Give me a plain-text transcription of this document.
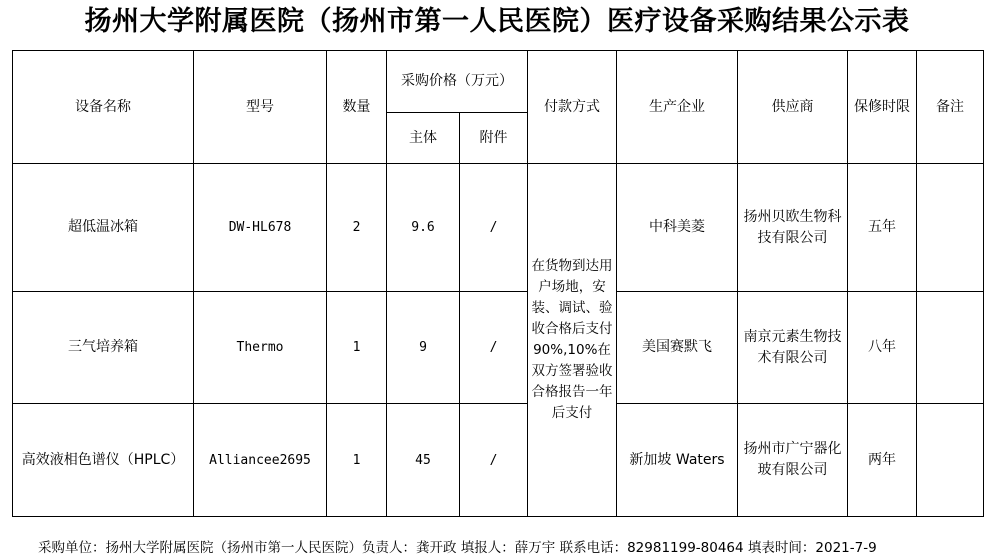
扬州大学附属医院（扬州市第一人民医院）医疗设备采购结果公示表
设备名称	型号	数量	采购价格（万元）		付款方式	生产企业	供应商	保修时限	备注
			主体	附件					
超低温冰箱	DW-HL678	2	9.6	/	在货物到达用户场地，安装、调试、验收合格后支付90%,10%在双方签署验收合格报告一年后支付	中科美菱	扬州贝欧生物科技有限公司	五年	
三气培养箱	Thermo	1	9	/		美国赛默飞	南京元素生物技术有限公司	八年	
高效液相色谱仪（HPLC）	Alliancee2695	1	45	/		新加坡 Waters	扬州市广宁器化玻有限公司	两年	
采购单位：扬州大学附属医院（扬州市第一人民医院）负责人：龚开政 填报人：薛万宇 联系电话：82981199-80464 填表时间：2021-7-9
